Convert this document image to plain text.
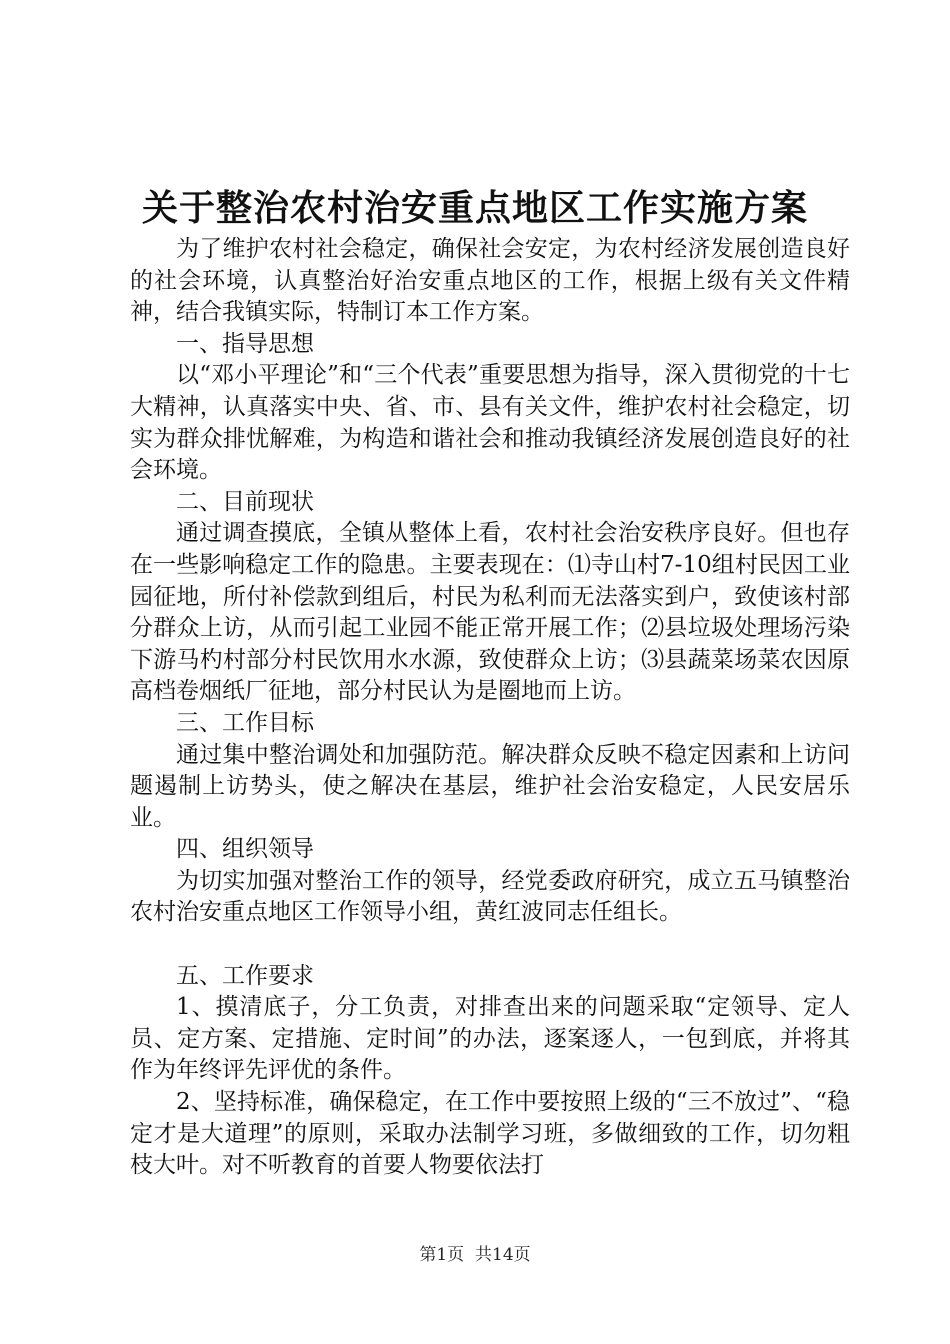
关于整治农村治安重点地区工作实施方案

为了维护农村社会稳定，确保社会安定，为农村经济发展创造良好的社会环境，认真整治好治安重点地区的工作，根据上级有关文件精神，结合我镇实际，特制订本工作方案。

一、指导思想

以“邓小平理论”和“三个代表”重要思想为指导，深入贯彻党的十七大精神，认真落实中央、省、市、县有关文件，维护农村社会稳定，切实为群众排忧解难，为构造和谐社会和推动我镇经济发展创造良好的社会环境。

二、目前现状

通过调查摸底，全镇从整体上看，农村社会治安秩序良好。但也存在一些影响稳定工作的隐患。主要表现在：⑴寺山村7-10组村民因工业园征地，所付补偿款到组后，村民为私利而无法落实到户，致使该村部分群众上访，从而引起工业园不能正常开展工作；⑵县垃圾处理场污染下游马杓村部分村民饮用水水源，致使群众上访；⑶县蔬菜场菜农因原高档卷烟纸厂征地，部分村民认为是圈地而上访。

三、工作目标

通过集中整治调处和加强防范。解决群众反映不稳定因素和上访问题遏制上访势头，使之解决在基层，维护社会治安稳定，人民安居乐业。

四、组织领导

为切实加强对整治工作的领导，经党委政府研究，成立五马镇整治农村治安重点地区工作领导小组，黄红波同志任组长。

五、工作要求

1、摸清底子，分工负责，对排查出来的问题采取“定领导、定人员、定方案、定措施、定时间”的办法，逐案逐人，一包到底，并将其作为年终评先评优的条件。

2、坚持标准，确保稳定，在工作中要按照上级的“三不放过”、“稳定才是大道理”的原则，采取办法制学习班，多做细致的工作，切勿粗枝大叶。对不听教育的首要人物要依法打

第1页 共14页
